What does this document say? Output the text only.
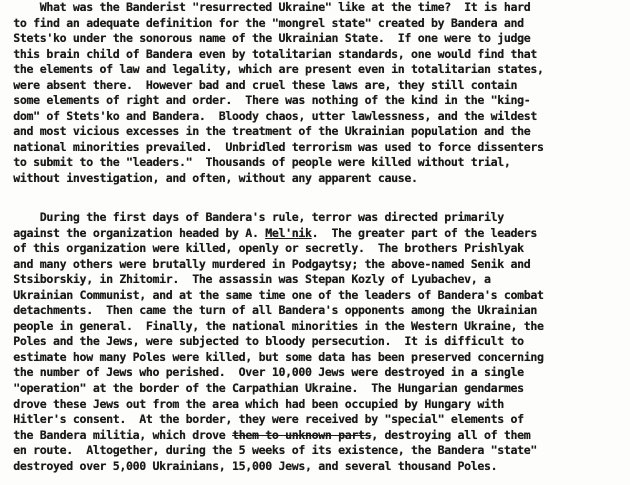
What was the Banderist "resurrected Ukraine" like at the time?  It is hard
to find an adequate definition for the "mongrel state" created by Bandera and
Stets'ko under the sonorous name of the Ukrainian State.  If one were to judge
this brain child of Bandera even by totalitarian standards, one would find that
the elements of law and legality, which are present even in totalitarian states,
were absent there.  However bad and cruel these laws are, they still contain
some elements of right and order.  There was nothing of the kind in the "king-
dom" of Stets'ko and Bandera.  Bloody chaos, utter lawlessness, and the wildest
and most vicious excesses in the treatment of the Ukrainian population and the
national minorities prevailed.  Unbridled terrorism was used to force dissenters
to submit to the "leaders."  Thousands of people were killed without trial,
without investigation, and often, without any apparent cause.
During the first days of Bandera's rule, terror was directed primarily
against the organization headed by A. Mel'nik.  The greater part of the leaders
of this organization were killed, openly or secretly.  The brothers Prishlyak
and many others were brutally murdered in Podgaytsy; the above-named Senik and
Stsiborskiy, in Zhitomir.  The assassin was Stepan Kozly of Lyubachev, a
Ukrainian Communist, and at the same time one of the leaders of Bandera's combat
detachments.  Then came the turn of all Bandera's opponents among the Ukrainian
people in general.  Finally, the national minorities in the Western Ukraine, the
Poles and the Jews, were subjected to bloody persecution.  It is difficult to
estimate how many Poles were killed, but some data has been preserved concerning
the number of Jews who perished.  Over 10,000 Jews were destroyed in a single
"operation" at the border of the Carpathian Ukraine.  The Hungarian gendarmes
drove these Jews out from the area which had been occupied by Hungary with
Hitler's consent.  At the border, they were received by "special" elements of
the Bandera militia, which drove them to unknown parts, destroying all of them
en route.  Altogether, during the 5 weeks of its existence, the Bandera "state"
destroyed over 5,000 Ukrainians, 15,000 Jews, and several thousand Poles.
